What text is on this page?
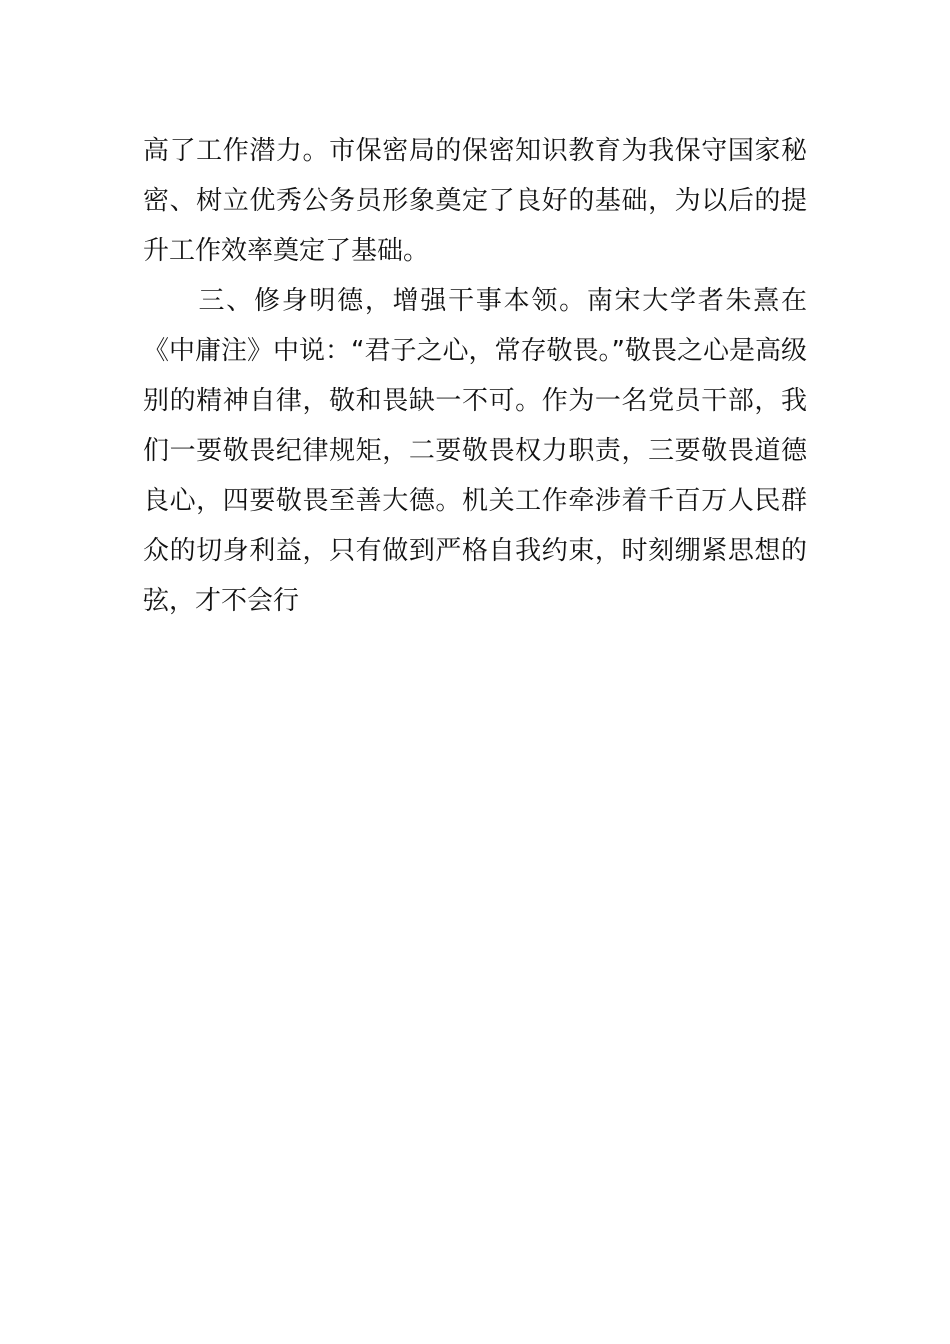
高了工作潜力。市保密局的保密知识教育为我保守国家秘
密、树立优秀公务员形象奠定了良好的基础，为以后的提
升工作效率奠定了基础。
　　三、修身明德，增强干事本领。南宋大学者朱熹在
《中庸注》中说：“君子之心，常存敬畏。”敬畏之心是高级
别的精神自律，敬和畏缺一不可。作为一名党员干部，我
们一要敬畏纪律规矩，二要敬畏权力职责，三要敬畏道德
良心，四要敬畏至善大德。机关工作牵涉着千百万人民群
众的切身利益，只有做到严格自我约束，时刻绷紧思想的
弦，才不会行
